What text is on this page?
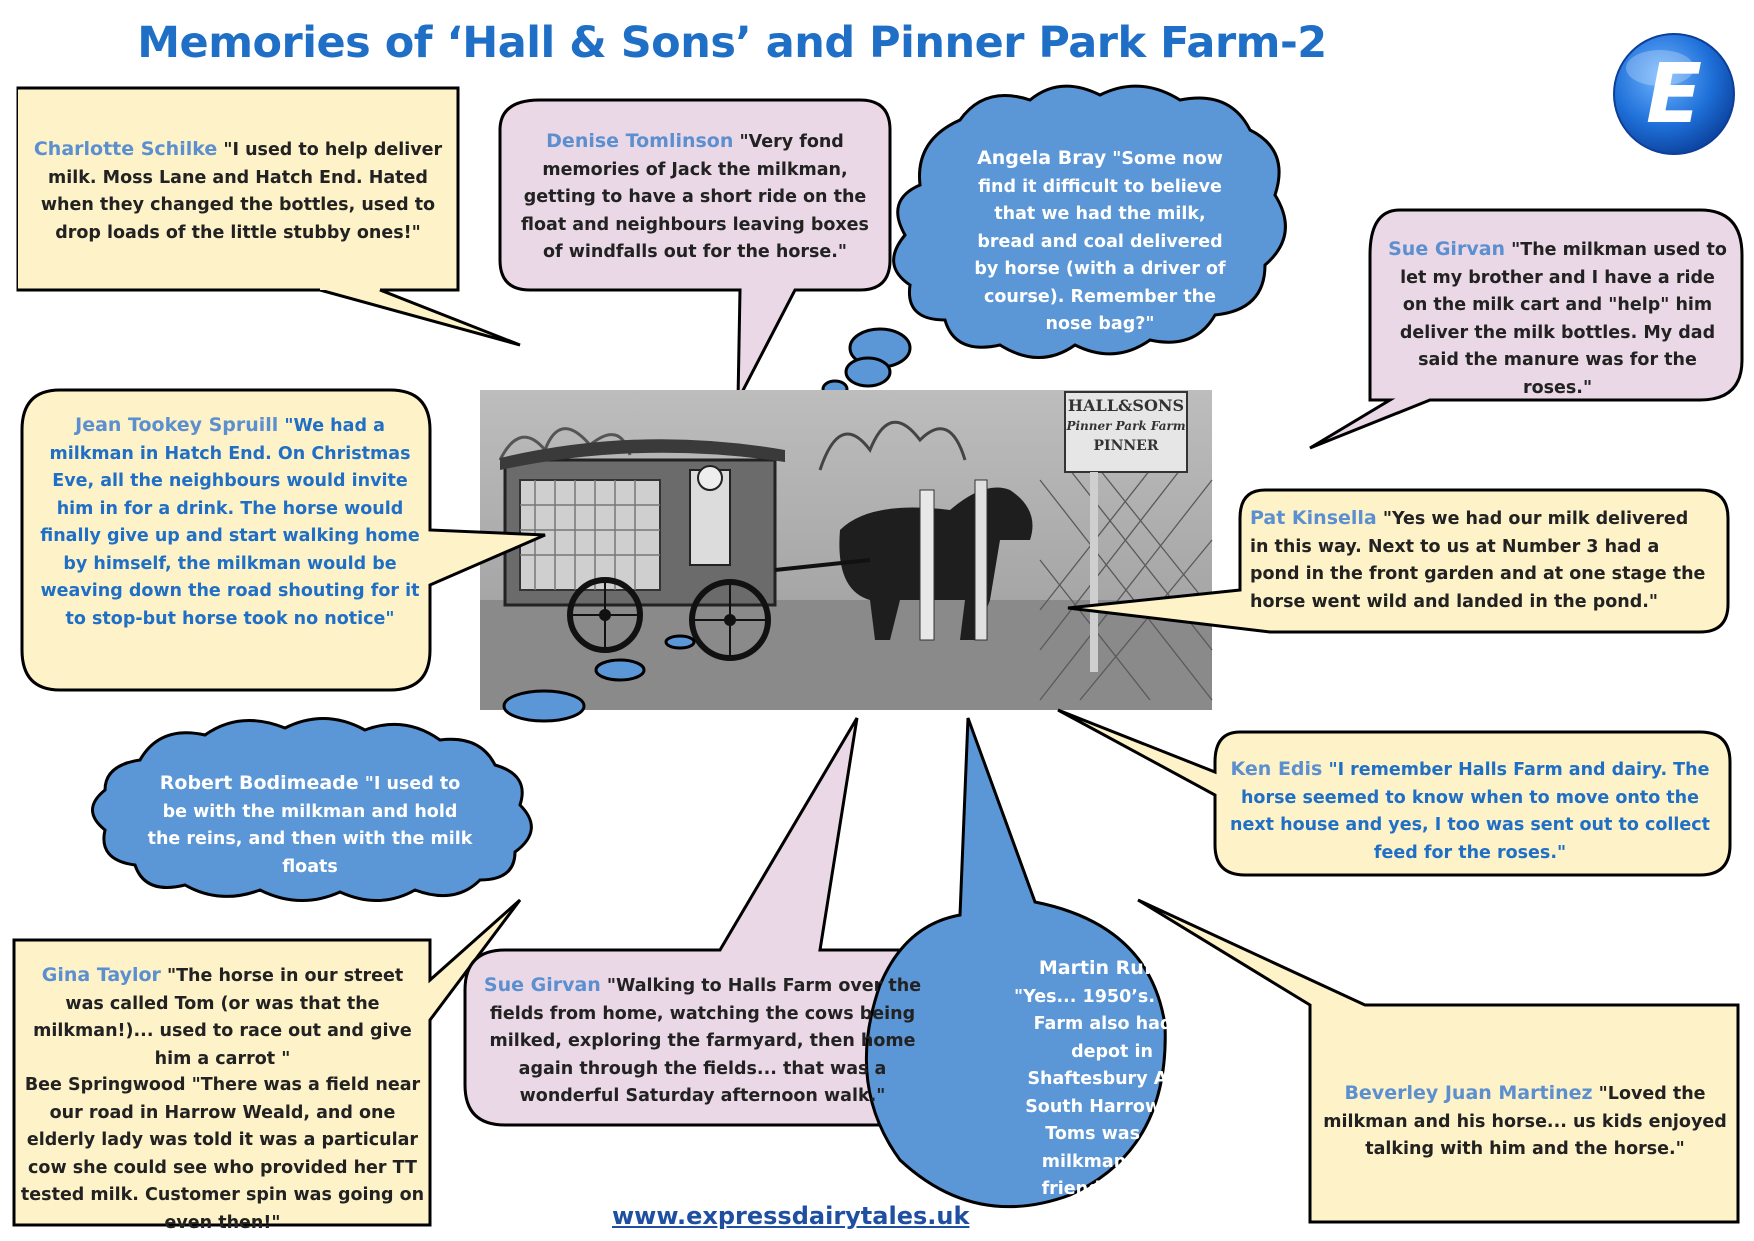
Memories of ‘Hall & Sons’ and Pinner Park Farm-2
E
HALL&SONS
Pinner Park Farm
PINNER
Charlotte Schilke "I used to help deliver milk. Moss Lane and Hatch End. Hated when they changed the bottles, used to drop loads of the little stubby ones!"
Denise Tomlinson "Very fond memories of Jack the milkman, getting to have a short ride on the float and neighbours leaving boxes of windfalls out for the horse."
Angela Bray "Some now find it difficult to believe that we had the milk, bread and coal delivered by horse (with a driver of course). Remember the nose bag?"
Sue Girvan "The milkman used to let my brother and I have a ride on the milk cart and "help" him deliver the milk bottles. My dad said the manure was for the roses."
Jean Tookey Spruill "We had a milkman in Hatch End. On Christmas Eve, all the neighbours would invite him in for a drink. The horse would finally give up and start walking home by himself, the milkman would be weaving down the road shouting for it to stop-but horse took no notice"
Pat Kinsella "Yes we had our milk delivered in this way. Next to us at Number 3 had a pond in the front garden and at one stage the horse went wild and landed in the pond."
Robert Bodimeade "I used to be with the milkman and hold the reins, and then with the milk floats
Ken Edis "I remember Halls Farm and dairy. The horse seemed to know when to move onto the next house and yes, I too was sent out to collect feed for the roses."
Gina Taylor "The horse in our street was called Tom (or was that the milkman!)... used to race out and give him a carrot "
Bee Springwood "There was a field near our road in Harrow Weald, and one elderly lady was told it was a particular cow she could see who provided her TT tested milk. Customer spin was going on even then!"
Sue Girvan "Walking to Halls Farm over the fields from home, watching the cows being milked, exploring the farmyard, then home again through the fields... that was a wonderful Saturday afternoon walk."
Martin Ruffell "Yes... 1950’s. Halls Farm also had a depot in Shaftesbury Ave, South Harrow. Mr Toms was the milkman, very friendly man."
Beverley Juan Martinez "Loved the milkman and his horse... us kids enjoyed talking with him and the horse."
www.expressdairytales.uk
